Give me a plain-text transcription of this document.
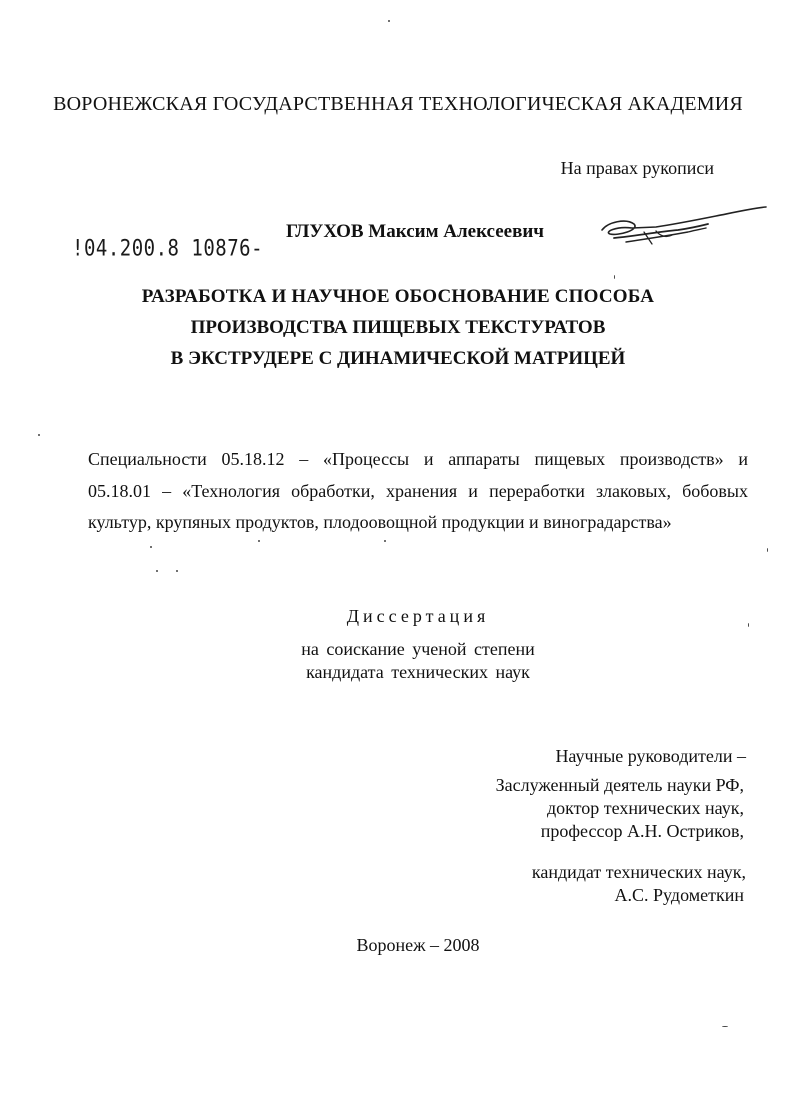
ВОРОНЕЖСКАЯ ГОСУДАРСТВЕННАЯ ТЕХНОЛОГИЧЕСКАЯ АКАДЕМИЯ
На правах рукописи
!04.200.8 10876-
ГЛУХОВ Максим Алексеевич
РАЗРАБОТКА И НАУЧНОЕ ОБОСНОВАНИЕ СПОСОБА
ПРОИЗВОДСТВА ПИЩЕВЫХ ТЕКСТУРАТОВ
В ЭКСТРУДЕРЕ С ДИНАМИЧЕСКОЙ МАТРИЦЕЙ
Специальности 05.18.12 – «Процессы и аппараты пищевых производств» и
05.18.01 – «Технология обработки, хранения и переработки злаковых, бобовых
культур, крупяных продуктов, плодоовощной продукции и виноградарства»
Диссертация
на соискание ученой степени
кандидата технических наук
Научные руководители –
Заслуженный деятель науки РФ,
доктор технических наук,
профессор А.Н. Остриков,
кандидат технических наук,
А.С. Рудометкин
Воронеж – 2008
